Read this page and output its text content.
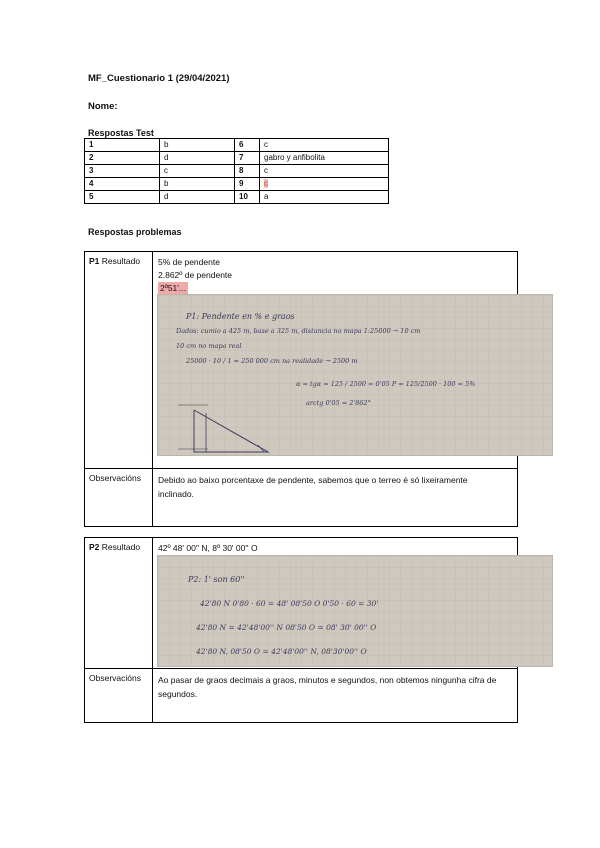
MF_Cuestionario 1 (29/04/2021)
Nome:
Respostas Test
1	b	6	c
2	d	7	gabro y anfibolita
3	c	8	c
4	b	9	c
5	d	10	a
Respostas problemas
P1 Resultado	5% de pendente
2.862º de pendente
2º51'...
Observacións	Debido ao baixo porcentaxe de pendente, sabemos que o terreo é só lixeiramente inclinado.
P1: Pendente en % e graos
Dados: cumio a 425 m, base a 325 m, distancia no mapa 1:25000 → 10 cm
10 cm no mapa real
25000 · 10 / 1 = 250 000 cm na realidade → 2500 m
α = tgα = 125 / 2500 = 0'05 P = 125/2500 · 100 = 5%
arctg 0'05 = 2'862°
P2 Resultado	42º 48' 00'' N, 8º 30' 00'' O
Observacións	Ao pasar de graos decimais a graos, minutos e segundos, non obtemos ningunha cifra de segundos.
P2: 1' son 60''
42'80 N 0'80 · 60 = 48' 08'50 O 0'50 · 60 = 30'
42'80 N = 42'48'00'' N 08'50 O = 08' 30' 00'' O
42'80 N, 08'50 O = 42'48'00'' N, 08'30'00'' O
